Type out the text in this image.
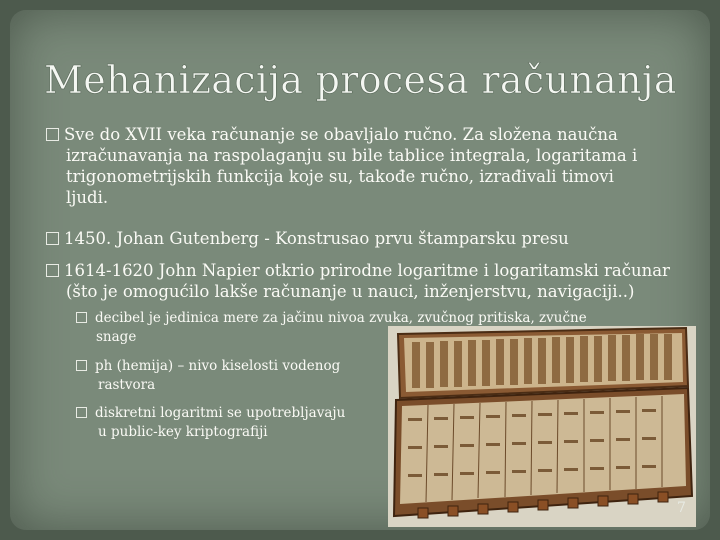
Mehanizacija procesa računanja
Sve do XVII veka računanje se obavljalo ručno. Za složena naučna
izračunavanja na raspolaganju su bile tablice integrala, logaritama i
trigonometrijskih funkcija koje su, takođe ručno, izrađivali timovi
ljudi.
1450. Johan Gutenberg - Konstrusao prvu štamparsku presu
1614-1620 John Napier otkrio prirodne logaritme i logaritamski računar
(što je omogućilo lakše računanje u nauci, inženjerstvu, navigaciji..)
decibel je jedinica mere za jačinu nivoa zvuka, zvučnog pritiska, zvučne
snage
ph (hemija) – nivo kiselosti vodenog
rastvora
diskretni logaritmi se upotrebljavaju
u public-key kriptografiji
7
